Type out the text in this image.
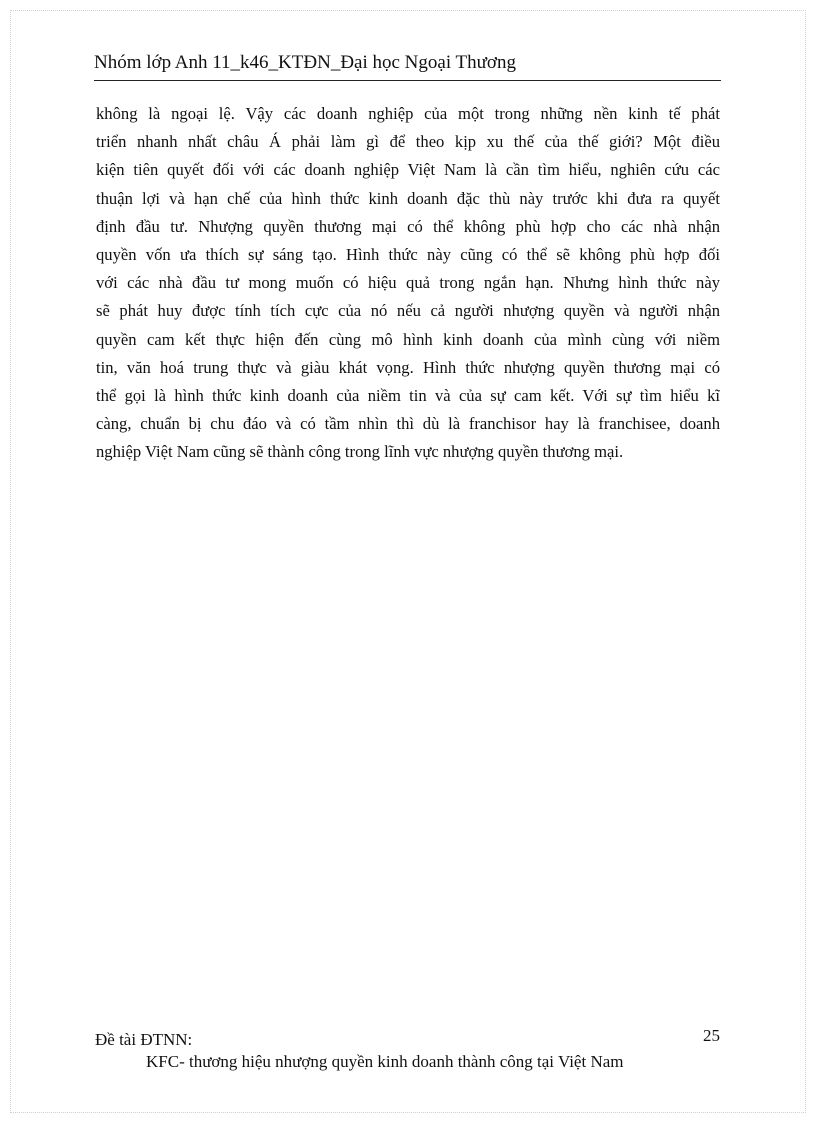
Nhóm lớp Anh 11_k46_KTĐN_Đại học Ngoại Thương
không là ngoại lệ. Vậy các doanh nghiệp của một trong những nền kinh tế phát
triển nhanh nhất châu Á phải làm gì để theo kịp xu thế của thế giới? Một điều
kiện tiên quyết đối với các doanh nghiệp Việt Nam là cần tìm hiểu, nghiên cứu các
thuận lợi và hạn chế của hình thức kinh doanh đặc thù này trước khi đưa ra quyết
định đầu tư. Nhượng quyền thương mại có thể không phù hợp cho các nhà nhận
quyền vốn ưa thích sự sáng tạo. Hình thức này cũng có thể sẽ không phù hợp đối
với các nhà đầu tư mong muốn có hiệu quả trong ngắn hạn. Nhưng hình thức này
sẽ phát huy được tính tích cực của nó nếu cả người nhượng quyền và người nhận
quyền cam kết thực hiện đến cùng mô hình kinh doanh của mình cùng với niềm
tin, văn hoá trung thực và giàu khát vọng. Hình thức nhượng quyền thương mại có
thể gọi là hình thức kinh doanh của niềm tin và của sự cam kết. Với sự tìm hiểu kĩ
càng, chuẩn bị chu đáo và có tầm nhìn thì dù là franchisor hay là franchisee, doanh
nghiệp Việt Nam cũng sẽ thành công trong lĩnh vực nhượng quyền thương mại.
Đề tài ĐTNN:	25
KFC- thương hiệu nhượng quyền kinh doanh thành công tại Việt Nam
